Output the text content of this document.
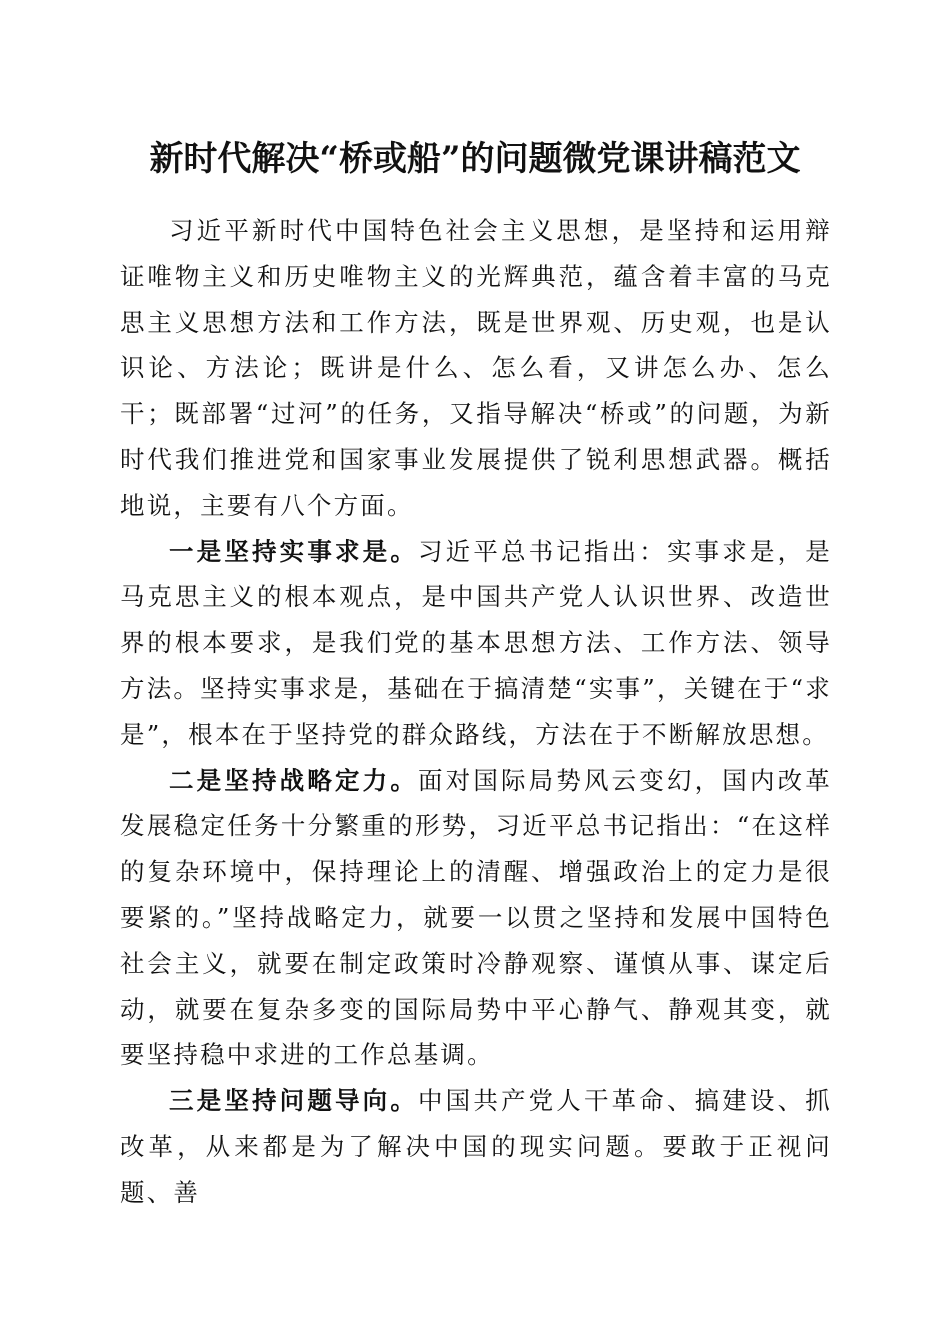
新时代解决“桥或船”的问题微党课讲稿范文

习近平新时代中国特色社会主义思想，是坚持和运用辩证唯物主义和历史唯物主义的光辉典范，蕴含着丰富的马克思主义思想方法和工作方法，既是世界观、历史观，也是认识论、方法论；既讲是什么、怎么看，又讲怎么办、怎么干；既部署“过河”的任务，又指导解决“桥或”的问题，为新时代我们推进党和国家事业发展提供了锐利思想武器。概括地说，主要有八个方面。

一是坚持实事求是。习近平总书记指出：实事求是，是马克思主义的根本观点，是中国共产党人认识世界、改造世界的根本要求，是我们党的基本思想方法、工作方法、领导方法。坚持实事求是，基础在于搞清楚“实事”，关键在于“求是”，根本在于坚持党的群众路线，方法在于不断解放思想。

二是坚持战略定力。面对国际局势风云变幻，国内改革发展稳定任务十分繁重的形势，习近平总书记指出：“在这样的复杂环境中，保持理论上的清醒、增强政治上的定力是很要紧的。”坚持战略定力，就要一以贯之坚持和发展中国特色社会主义，就要在制定政策时冷静观察、谨慎从事、谋定后动，就要在复杂多变的国际局势中平心静气、静观其变，就要坚持稳中求进的工作总基调。

三是坚持问题导向。中国共产党人干革命、搞建设、抓改革，从来都是为了解决中国的现实问题。要敢于正视问题、善
